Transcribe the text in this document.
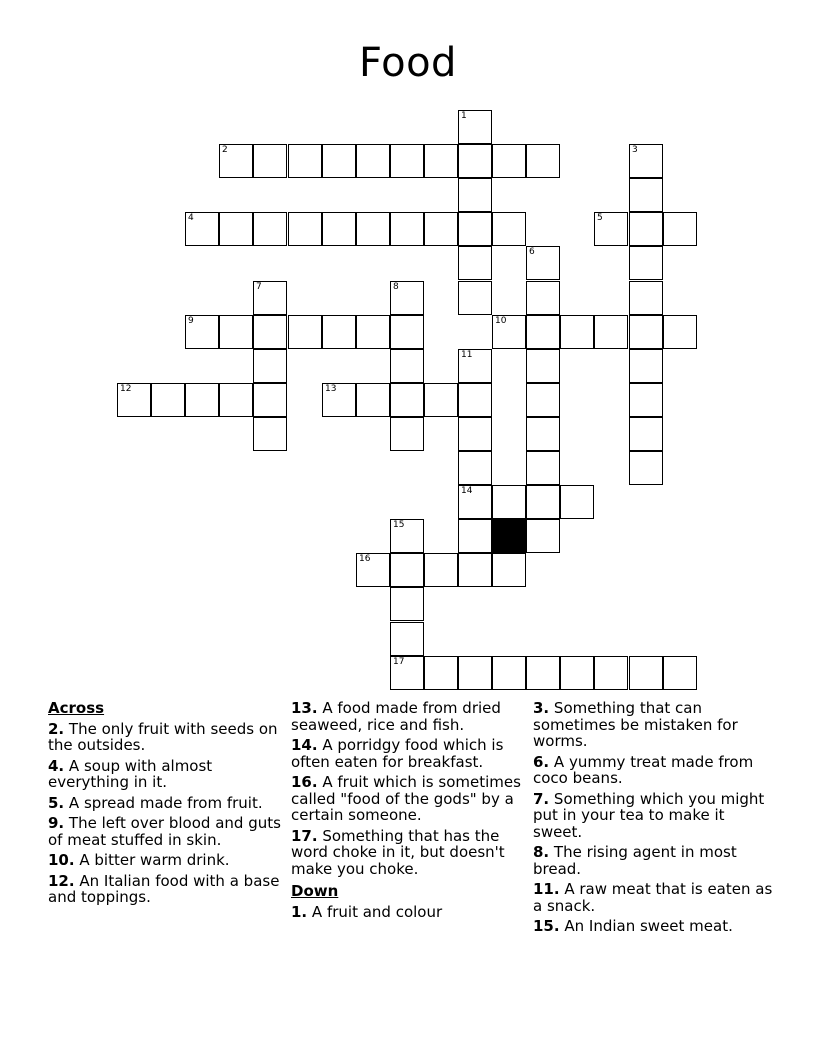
Food
1
2	3
4	5
6
7	8
9	10
11
14
12	13
15
17
16
Across
2. The only fruit with seeds on the outsides.
4. A soup with almost everything in it.
5. A spread made from fruit.
9. The left over blood and guts of meat stuffed in skin.
10. A bitter warm drink.
12. An Italian food with a base and toppings.
13. A food made from dried seaweed, rice and fish.
14. A porridgy food which is often eaten for breakfast.
16. A fruit which is sometimes called "food of the gods" by a certain someone.
17. Something that has the word choke in it, but doesn't make you choke.
Down
1. A fruit and colour
3. Something that can sometimes be mistaken for worms.
6. A yummy treat made from coco beans.
7. Something which you might put in your tea to make it sweet.
8. The rising agent in most bread.
11. A raw meat that is eaten as a snack.
15. An Indian sweet meat.
